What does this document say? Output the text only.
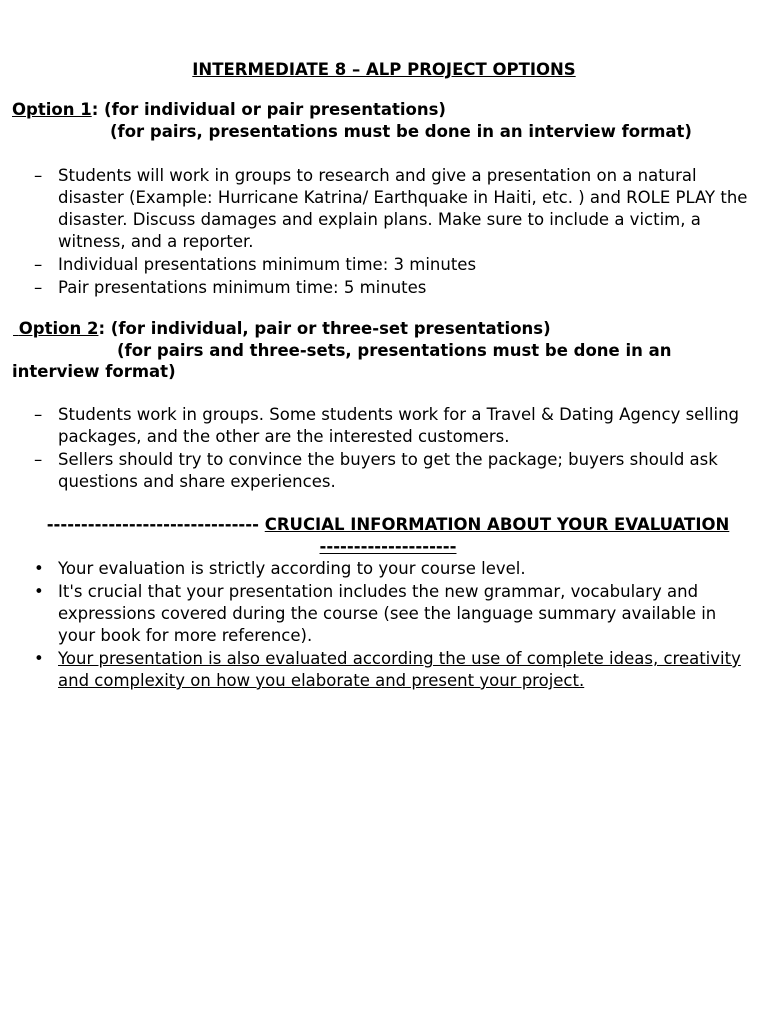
INTERMEDIATE 8 – ALP PROJECT OPTIONS
Option 1: (for individual or pair presentations)
(for pairs, presentations must be done in an interview format)
– Students will work in groups to research and give a presentation on a natural disaster (Example: Hurricane Katrina/ Earthquake in Haiti, etc. ) and ROLE PLAY the disaster. Discuss damages and explain plans. Make sure to include a victim, a witness, and a reporter.
– Individual presentations minimum time: 3 minutes
– Pair presentations minimum time: 5 minutes
Option 2: (for individual, pair or three-set presentations)
(for pairs and three-sets, presentations must be done in an
interview format)
– Students work in groups. Some students work for a Travel & Dating Agency selling packages, and the other are the interested customers.
– Sellers should try to convince the buyers to get the package; buyers should ask questions and share experiences.
------------------------------- CRUCIAL INFORMATION ABOUT YOUR EVALUATION
--------------------
• Your evaluation is strictly according to your course level.
• It's crucial that your presentation includes the new grammar, vocabulary and expressions covered during the course (see the language summary available in your book for more reference).
• Your presentation is also evaluated according the use of complete ideas, creativity and complexity on how you elaborate and present your project.
